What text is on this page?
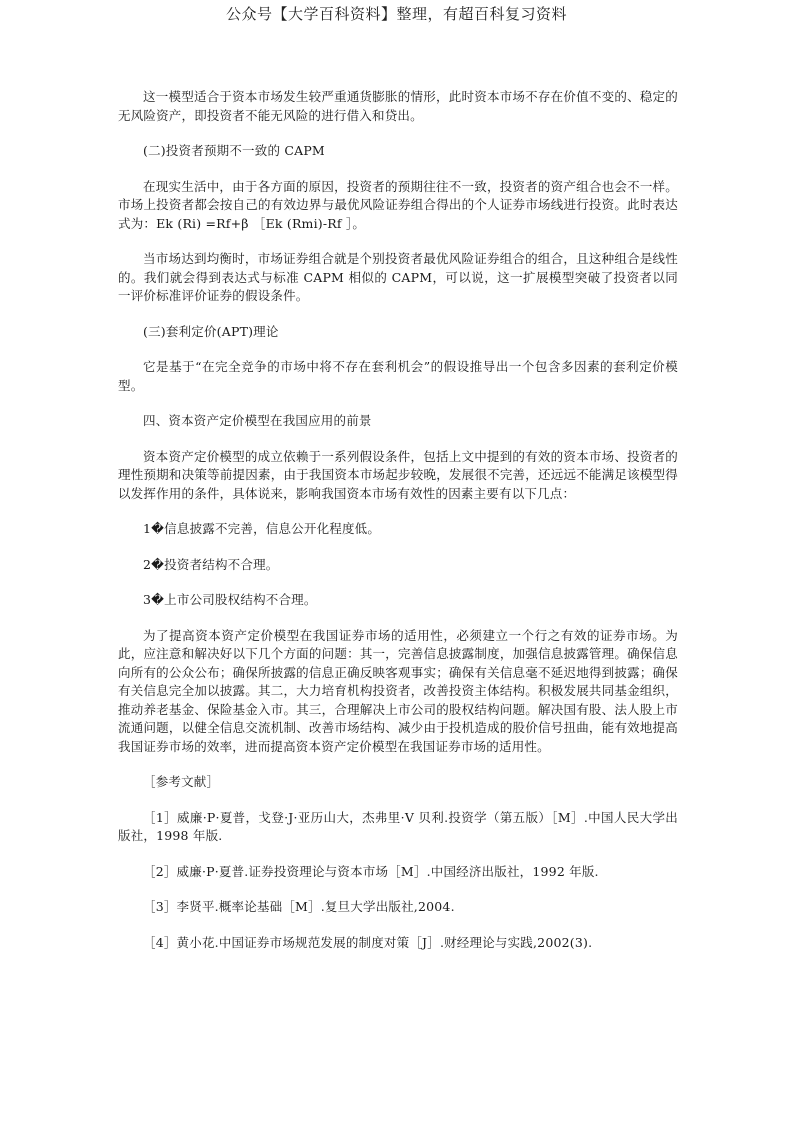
公众号【大学百科资料】整理，有超百科复习资料

这一模型适合于资本市场发生较严重通货膨胀的情形，此时资本市场不存在价值不变的、稳定的无风险资产，即投资者不能无风险的进行借入和贷出。

(二)投资者预期不一致的 CAPM

在现实生活中，由于各方面的原因，投资者的预期往往不一致，投资者的资产组合也会不一样。市场上投资者都会按自己的有效边界与最优风险证券组合得出的个人证券市场线进行投资。此时表达式为：Ek (Ri) =Rf+β ［Ek (Rmi)-Rf ］。

当市场达到均衡时，市场证券组合就是个别投资者最优风险证券组合的组合，且这种组合是线性的。我们就会得到表达式与标准 CAPM 相似的 CAPM，可以说，这一扩展模型突破了投资者以同一评价标准评价证券的假设条件。

(三)套利定价(APT)理论

它是基于“在完全竞争的市场中将不存在套利机会”的假设推导出一个包含多因素的套利定价模型。

四、资本资产定价模型在我国应用的前景

资本资产定价模型的成立依赖于一系列假设条件，包括上文中提到的有效的资本市场、投资者的理性预期和决策等前提因素，由于我国资本市场起步较晚，发展很不完善，还远远不能满足该模型得以发挥作用的条件，具体说来，影响我国资本市场有效性的因素主要有以下几点：

1�信息披露不完善，信息公开化程度低。

2�投资者结构不合理。

3�上市公司股权结构不合理。

为了提高资本资产定价模型在我国证券市场的适用性，必须建立一个行之有效的证券市场。为此，应注意和解决好以下几个方面的问题：其一，完善信息披露制度，加强信息披露管理。确保信息向所有的公众公布；确保所披露的信息正确反映客观事实；确保有关信息毫不延迟地得到披露；确保有关信息完全加以披露。其二，大力培育机构投资者，改善投资主体结构。积极发展共同基金组织，推动养老基金、保险基金入市。其三，合理解决上市公司的股权结构问题。解决国有股、法人股上市流通问题，以健全信息交流机制、改善市场结构、减少由于投机造成的股价信号扭曲，能有效地提高我国证券市场的效率，进而提高资本资产定价模型在我国证券市场的适用性。

［参考文献］

［1］威廉·P·夏普，戈登·J·亚历山大，杰弗里·V 贝利.投资学（第五版）［M］.中国人民大学出版社，1998 年版.

［2］威廉·P·夏普.证券投资理论与资本市场［M］.中国经济出版社，1992 年版.

［3］李贤平.概率论基础［M］.复旦大学出版社,2004.

［4］黄小花.中国证券市场规范发展的制度对策［J］.财经理论与实践,2002(3).
